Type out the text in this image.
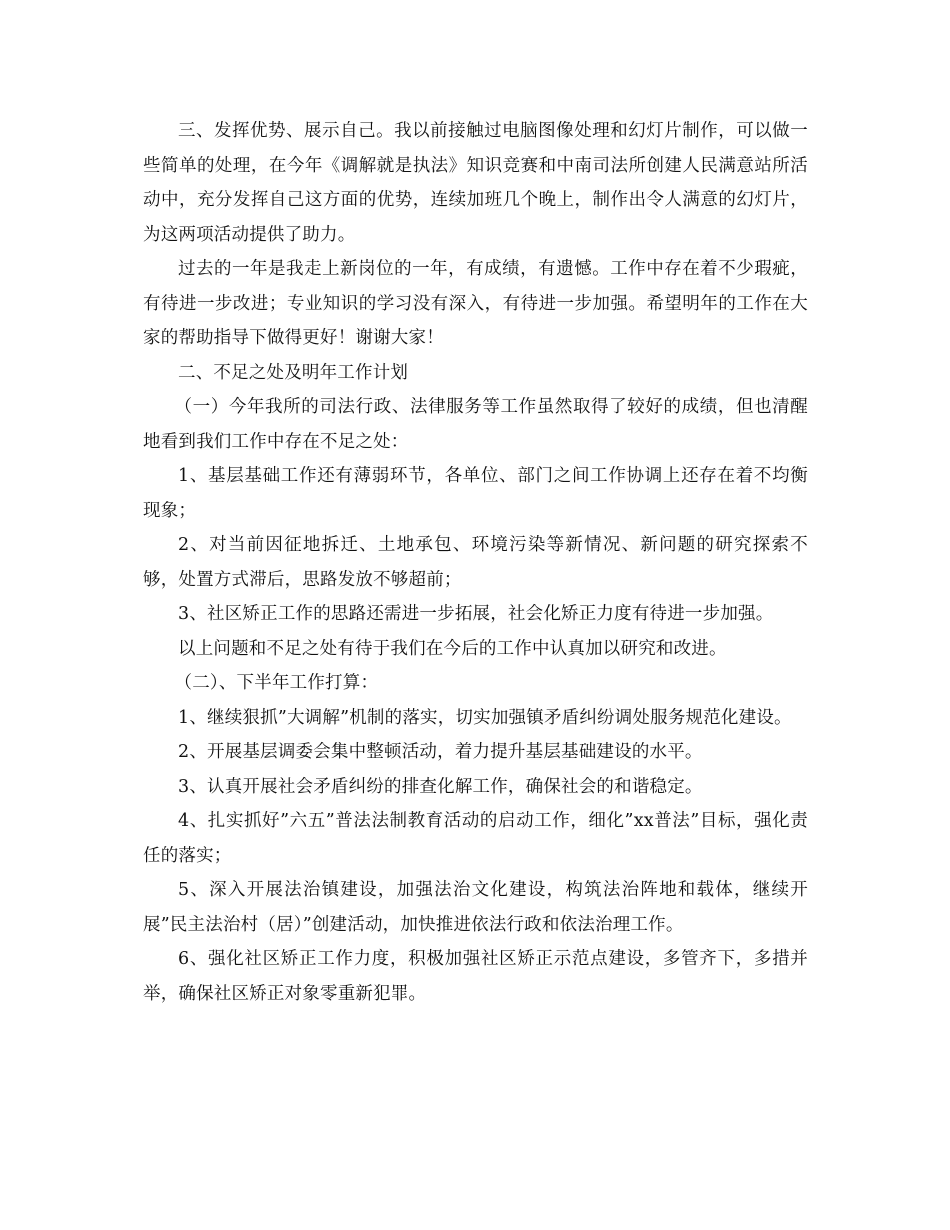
三、发挥优势、展示自己。我以前接触过电脑图像处理和幻灯片制作，可以做一些简单的处理，在今年《调解就是执法》知识竞赛和中南司法所创建人民满意站所活动中，充分发挥自己这方面的优势，连续加班几个晚上，制作出令人满意的幻灯片，为这两项活动提供了助力。

过去的一年是我走上新岗位的一年，有成绩，有遗憾。工作中存在着不少瑕疵，有待进一步改进；专业知识的学习没有深入，有待进一步加强。希望明年的工作在大家的帮助指导下做得更好！谢谢大家！

二、不足之处及明年工作计划

（一）今年我所的司法行政、法律服务等工作虽然取得了较好的成绩，但也清醒地看到我们工作中存在不足之处：

1、基层基础工作还有薄弱环节，各单位、部门之间工作协调上还存在着不均衡现象；

2、对当前因征地拆迁、土地承包、环境污染等新情况、新问题的研究探索不够，处置方式滞后，思路发放不够超前；

3、社区矫正工作的思路还需进一步拓展，社会化矫正力度有待进一步加强。

以上问题和不足之处有待于我们在今后的工作中认真加以研究和改进。

（二）、下半年工作打算：

1、继续狠抓”大调解”机制的落实，切实加强镇矛盾纠纷调处服务规范化建设。

2、开展基层调委会集中整顿活动，着力提升基层基础建设的水平。

3、认真开展社会矛盾纠纷的排查化解工作，确保社会的和谐稳定。

4、扎实抓好”六五”普法法制教育活动的启动工作，细化”xx普法”目标，强化责任的落实；

5、深入开展法治镇建设，加强法治文化建设，构筑法治阵地和载体，继续开展”民主法治村（居）”创建活动，加快推进依法行政和依法治理工作。

6、强化社区矫正工作力度，积极加强社区矫正示范点建设，多管齐下，多措并举，确保社区矫正对象零重新犯罪。
